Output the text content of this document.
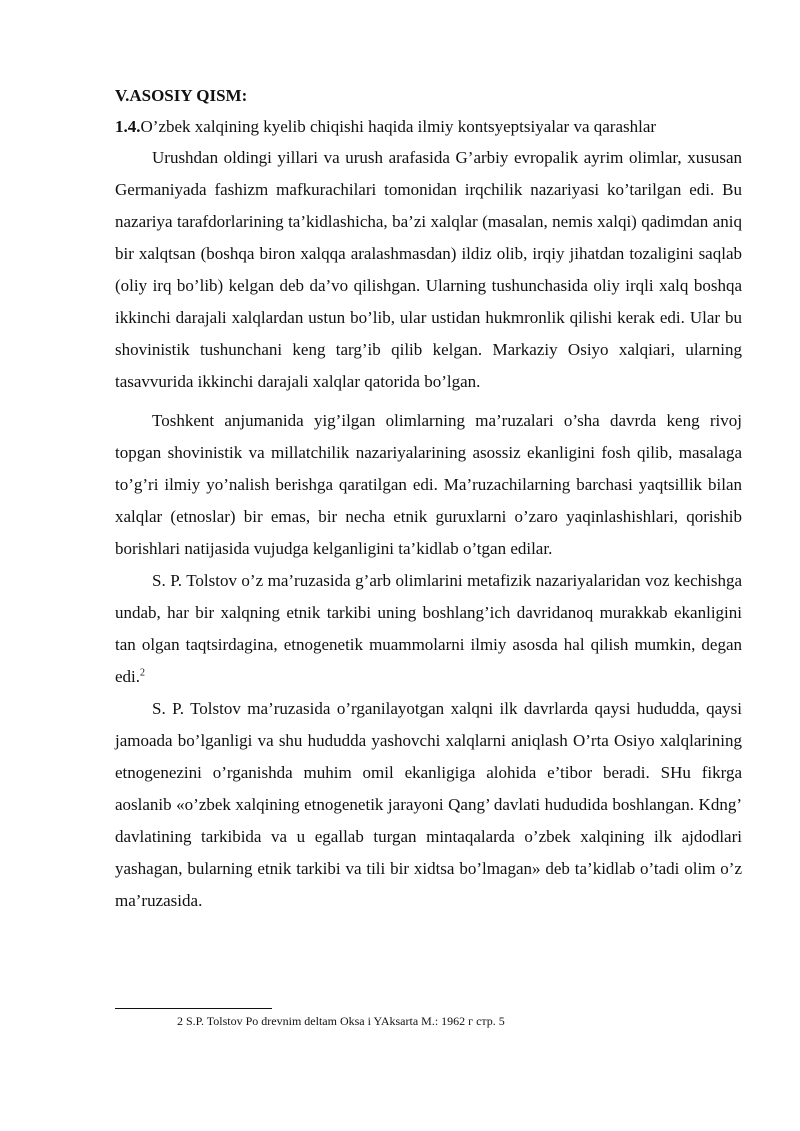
V.ASOSIY QISM:

1.4.O’zbek xalqining kyelib chiqishi haqida ilmiy kontsyeptsiyalar va qarashlar

Urushdan oldingi yillari va urush arafasida G’arbiy evropalik ayrim olimlar, xususan Germaniyada fashizm mafkurachilari tomonidan irqchilik nazariyasi ko’tarilgan edi. Bu nazariya tarafdorlarining ta’kidlashicha, ba’zi xalqlar (masalan, nemis xalqi) qadimdan aniq bir xalqtsan (boshqa biron xalqqa aralashmasdan) ildiz olib, irqiy jihatdan tozaligini saqlab (oliy irq bo’lib) kelgan deb da’vo qilishgan. Ularning tushunchasida oliy irqli xalq boshqa ikkinchi darajali xalqlardan ustun bo’lib, ular ustidan hukmronlik qilishi kerak edi. Ular bu shovinistik tushunchani keng targ’ib qilib kelgan. Markaziy Osiyo xalqiari, ularning tasavvurida ikkinchi darajali xalqlar qatorida bo’lgan.

Toshkent anjumanida yig’ilgan olimlarning ma’ruzalari o’sha davrda keng rivoj topgan shovinistik va millatchilik nazariyalarining asossiz ekanligini fosh qilib, masalaga to’g’ri ilmiy yo’nalish berishga qaratilgan edi. Ma’ruzachilarning barchasi yaqtsillik bilan xalqlar (etnoslar) bir emas, bir necha etnik guruxlarni o’zaro yaqinlashishlari, qorishib borishlari natijasida vujudga kelganligini ta’kidlab o’tgan edilar.

S. P. Tolstov o’z ma’ruzasida g’arb olimlarini metafizik nazariyalaridan voz kechishga undab, har bir xalqning etnik tarkibi uning boshlang’ich davridanoq murakkab ekanligini tan olgan taqtsirdagina, etnogenetik muammolarni ilmiy asosda hal qilish mumkin, degan edi.$^2$

S. P. Tolstov ma’ruzasida o’rganilayotgan xalqni ilk davrlarda qaysi hududda, qaysi jamoada bo’lganligi va shu hududda yashovchi xalqlarni aniqlash O’rta Osiyo xalqlarining etnogenezini o’rganishda muhim omil ekanligiga alohida e’tibor beradi. SHu fikrga aoslanib «o’zbek xalqining etnogenetik jarayoni Qang’ davlati hududida boshlangan. Kdng’ davlatining tarkibida va u egallab turgan mintaqalarda o’zbek xalqining ilk ajdodlari yashagan, bularning etnik tarkibi va tili bir xidtsa bo’lmagan» deb ta’kidlab o’tadi olim o’z ma’ruzasida.

2 S.P. Tolstov Po drevnim deltam Oksa i YAksarta M.: 1962 г стр. 5
